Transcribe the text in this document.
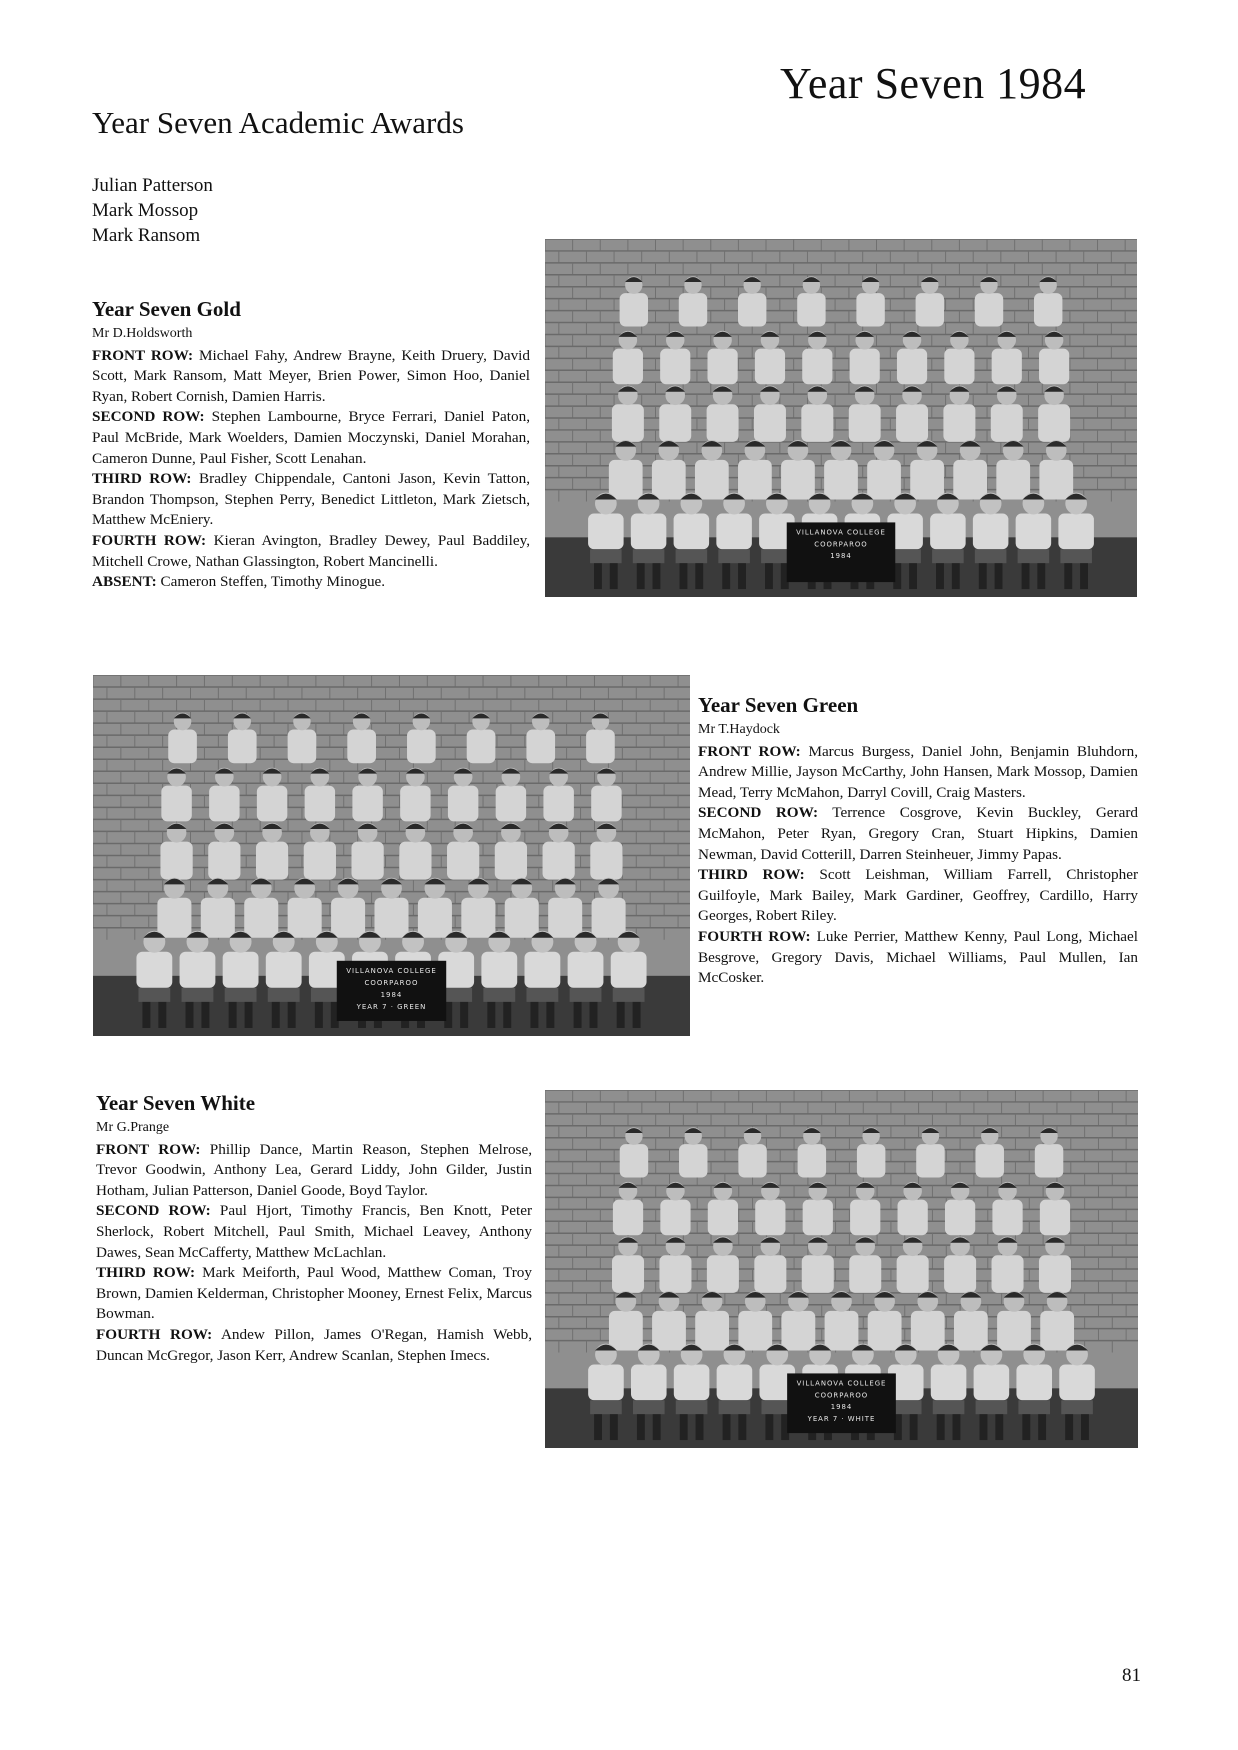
Year Seven 1984
Year Seven Academic Awards
Julian Patterson
Mark Mossop
Mark Ransom
Year Seven Gold
Mr D.Holdsworth

FRONT ROW: Michael Fahy, Andrew Brayne, Keith Druery, David Scott, Mark Ransom, Matt Meyer, Brien Power, Simon Hoo, Daniel Ryan, Robert Cornish, Damien Harris.

SECOND ROW: Stephen Lambourne, Bryce Ferrari, Daniel Paton, Paul McBride, Mark Woelders, Damien Moczynski, Daniel Morahan, Cameron Dunne, Paul Fisher, Scott Lenahan.

THIRD ROW: Bradley Chippendale, Cantoni Jason, Kevin Tatton, Brandon Thompson, Stephen Perry, Benedict Littleton, Mark Zietsch, Matthew McEniery.

FOURTH ROW: Kieran Avington, Bradley Dewey, Paul Baddiley, Mitchell Crowe, Nathan Glassington, Robert Mancinelli.

ABSENT: Cameron Steffen, Timothy Minogue.

VILLANOVA COLLEGE
COORPAROO
1984
VILLANOVA COLLEGE
COORPAROO
1984
YEAR 7 · GREEN
Year Seven Green
Mr T.Haydock

FRONT ROW: Marcus Burgess, Daniel John, Benjamin Bluhdorn, Andrew Millie, Jayson McCarthy, John Hansen, Mark Mossop, Damien Mead, Terry McMahon, Darryl Covill, Craig Masters.

SECOND ROW: Terrence Cosgrove, Kevin Buckley, Gerard McMahon, Peter Ryan, Gregory Cran, Stuart Hipkins, Damien Newman, David Cotterill, Darren Steinheuer, Jimmy Papas.

THIRD ROW: Scott Leishman, William Farrell, Christopher Guilfoyle, Mark Bailey, Mark Gardiner, Geoffrey, Cardillo, Harry Georges, Robert Riley.

FOURTH ROW: Luke Perrier, Matthew Kenny, Paul Long, Michael Besgrove, Gregory Davis, Michael Williams, Paul Mullen, Ian McCosker.

Year Seven White
Mr G.Prange

FRONT ROW: Phillip Dance, Martin Reason, Stephen Melrose, Trevor Goodwin, Anthony Lea, Gerard Liddy, John Gilder, Justin Hotham, Julian Patterson, Daniel Goode, Boyd Taylor.

SECOND ROW: Paul Hjort, Timothy Francis, Ben Knott, Peter Sherlock, Robert Mitchell, Paul Smith, Michael Leavey, Anthony Dawes, Sean McCafferty, Matthew McLachlan.

THIRD ROW: Mark Meiforth, Paul Wood, Matthew Coman, Troy Brown, Damien Kelderman, Christopher Mooney, Ernest Felix, Marcus Bowman.

FOURTH ROW: Andew Pillon, James O'Regan, Hamish Webb, Duncan McGregor, Jason Kerr, Andrew Scanlan, Stephen Imecs.

VILLANOVA COLLEGE
COORPAROO
1984
YEAR 7 · WHITE
81
